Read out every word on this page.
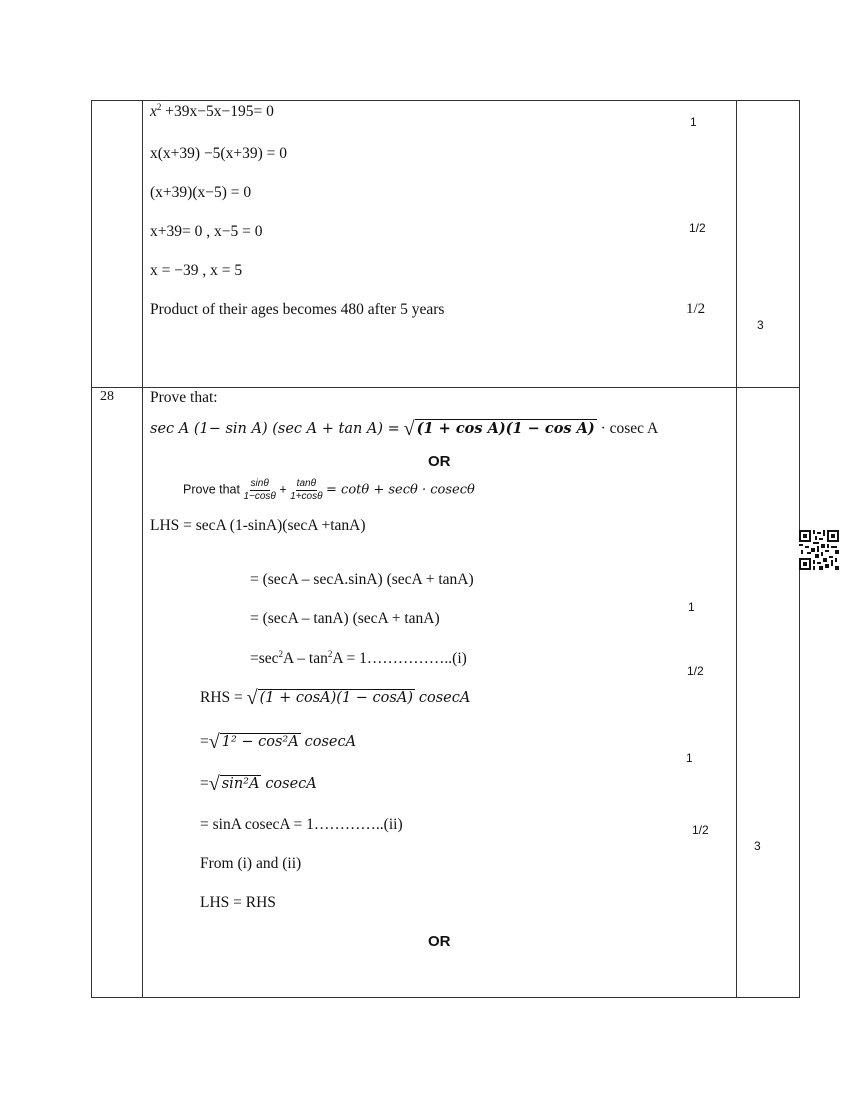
$x^2 +39x-5x-195= 0$
x(x+39) −5(x+39) = 0
(x+39)(x−5) = 0
x+39= 0 , x−5 = 0
x = −39 , x = 5
Product of their ages becomes 480 after 5 years
1
1/2
1/2
3
28 Prove that:
sec A (1− sin A) (sec A + tan A) = √ (1 + cos A)(1 − cos A) · cosec A
OR
Prove that $\frac{\sin\theta}{1-\cos\theta} + \frac{\tan\theta}{1+\cos\theta} = \cot\theta + \sec\theta \cdot cosec\theta$
LHS = secA (1-sinA)(secA +tanA)
= (secA – secA.sinA) (secA + tanA)
= (secA – tanA) (secA + tanA)
$=\sec^2A - \tan^2A$ = 1……………..(i)
RHS = √ (1 + cosA)(1 − cosA) cosecA
=√ 1² − cos²A cosecA
=√ sin²A cosecA
= sinA cosecA = 1…………..(ii)
From (i) and (ii)
LHS = RHS
OR
1
1/2
1
1/2
3
